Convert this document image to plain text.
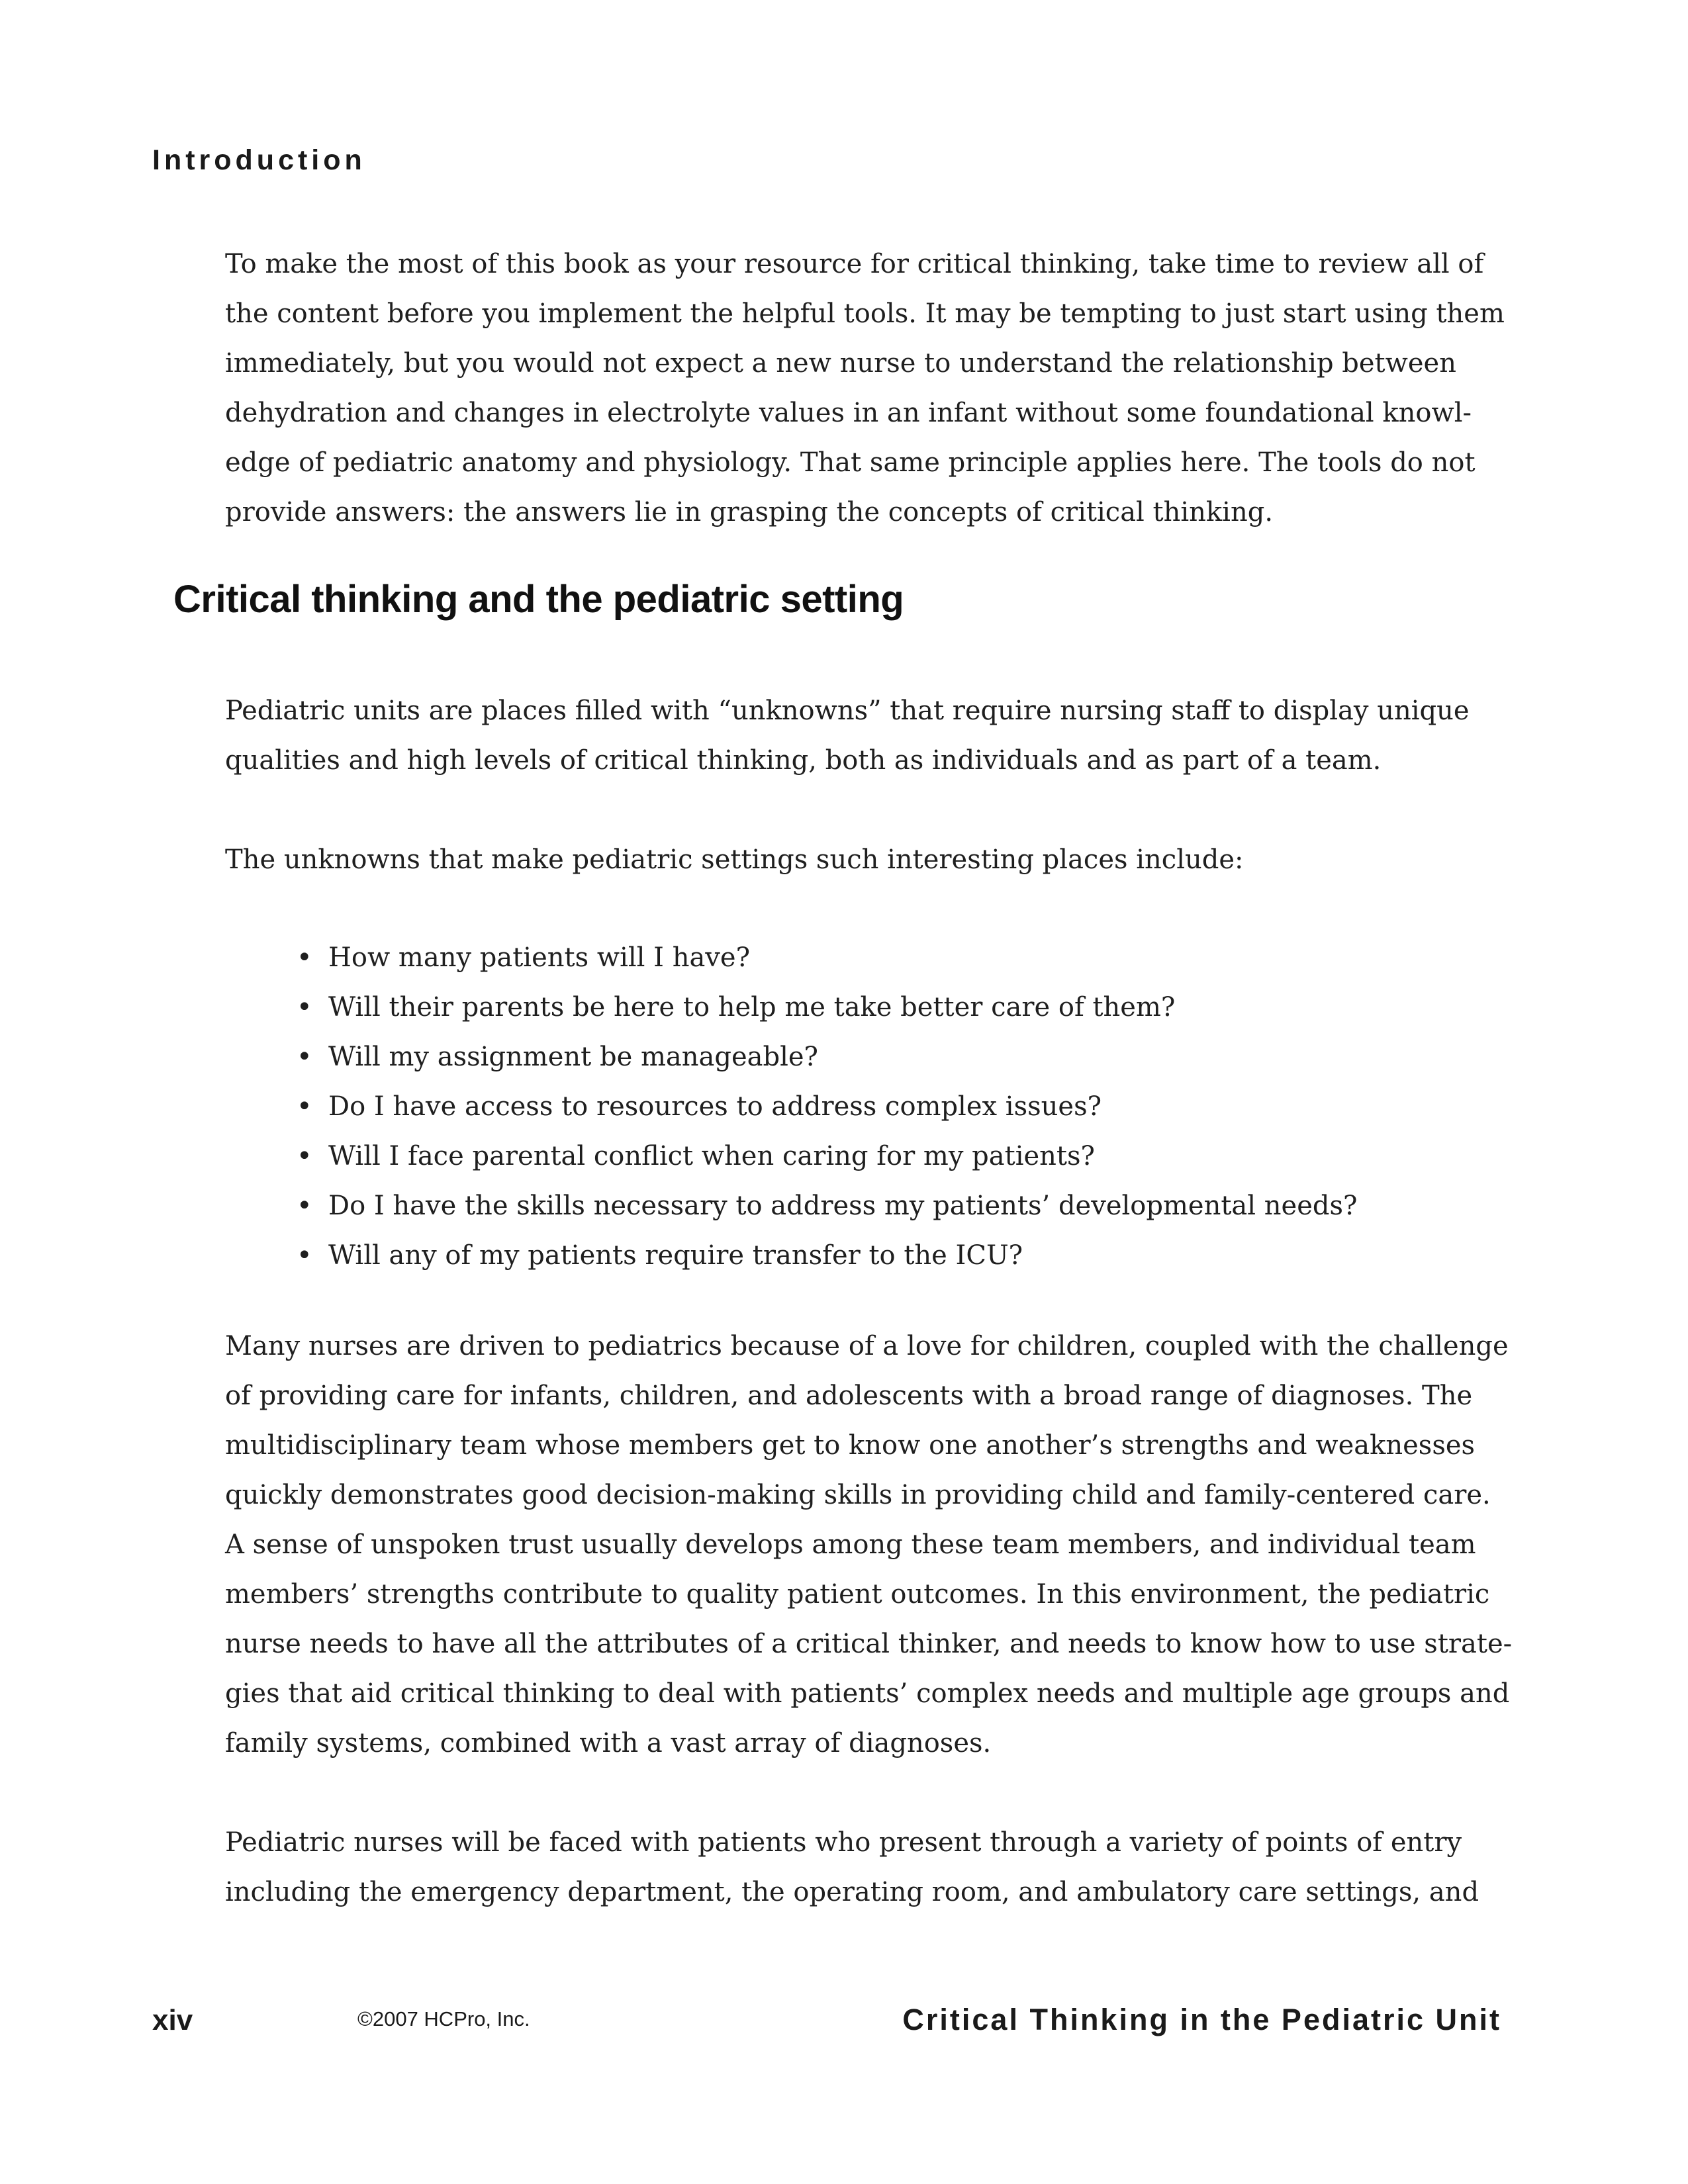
Introduction

To make the most of this book as your resource for critical thinking, take time to review all of
the content before you implement the helpful tools. It may be tempting to just start using them
immediately, but you would not expect a new nurse to understand the relationship between
dehydration and changes in electrolyte values in an infant without some foundational knowl-
edge of pediatric anatomy and physiology. That same principle applies here. The tools do not
provide answers: the answers lie in grasping the concepts of critical thinking.

Critical thinking and the pediatric setting

Pediatric units are places filled with “unknowns” that require nursing staff to display unique
qualities and high levels of critical thinking, both as individuals and as part of a team.

The unknowns that make pediatric settings such interesting places include:

• How many patients will I have?
• Will their parents be here to help me take better care of them?
• Will my assignment be manageable?
• Do I have access to resources to address complex issues?
• Will I face parental conflict when caring for my patients?
• Do I have the skills necessary to address my patients’ developmental needs?
• Will any of my patients require transfer to the ICU?

Many nurses are driven to pediatrics because of a love for children, coupled with the challenge
of providing care for infants, children, and adolescents with a broad range of diagnoses. The
multidisciplinary team whose members get to know one another’s strengths and weaknesses
quickly demonstrates good decision-making skills in providing child and family-centered care.
A sense of unspoken trust usually develops among these team members, and individual team
members’ strengths contribute to quality patient outcomes. In this environment, the pediatric
nurse needs to have all the attributes of a critical thinker, and needs to know how to use strate-
gies that aid critical thinking to deal with patients’ complex needs and multiple age groups and
family systems, combined with a vast array of diagnoses.

Pediatric nurses will be faced with patients who present through a variety of points of entry
including the emergency department, the operating room, and ambulatory care settings, and

xiv	©2007 HCPro, Inc.	Critical Thinking in the Pediatric Unit
